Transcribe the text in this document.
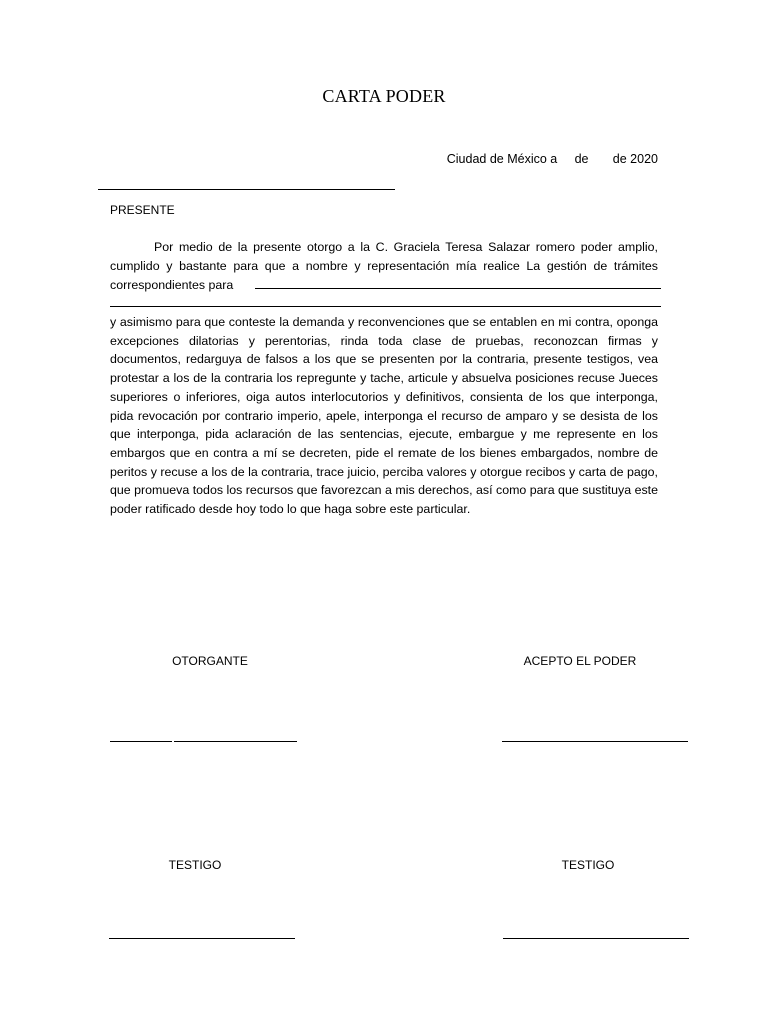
CARTA PODER
Ciudad de México a     de       de 2020
PRESENTE
Por medio de la presente otorgo a la C. Graciela Teresa Salazar romero poder amplio, cumplido y bastante para que a nombre y representación mía realice La gestión de trámites correspondientes para
y asimismo para que conteste la demanda y reconvenciones que se entablen en mi contra, oponga excepciones dilatorias y perentorias, rinda toda clase de pruebas, reconozcan firmas y documentos, redarguya de falsos a los que se presenten por la contraria, presente testigos, vea protestar a los de la contraria los repregunte y tache, articule y absuelva posiciones recuse Jueces superiores o inferiores, oiga autos interlocutorios y definitivos, consienta de los que interponga, pida revocación por contrario imperio, apele, interponga el recurso de amparo y se desista de los que interponga, pida aclaración de las sentencias, ejecute, embargue y me represente en los embargos que en contra a mí se decreten, pide el remate de los bienes embargados, nombre de peritos y recuse a los de la contraria, trace juicio, perciba valores y otorgue recibos y carta de pago, que promueva todos los recursos que favorezcan a mis derechos, así como para que sustituya este poder ratificado desde hoy todo lo que haga sobre este particular.
OTORGANTE	ACEPTO EL PODER
TESTIGO	TESTIGO
